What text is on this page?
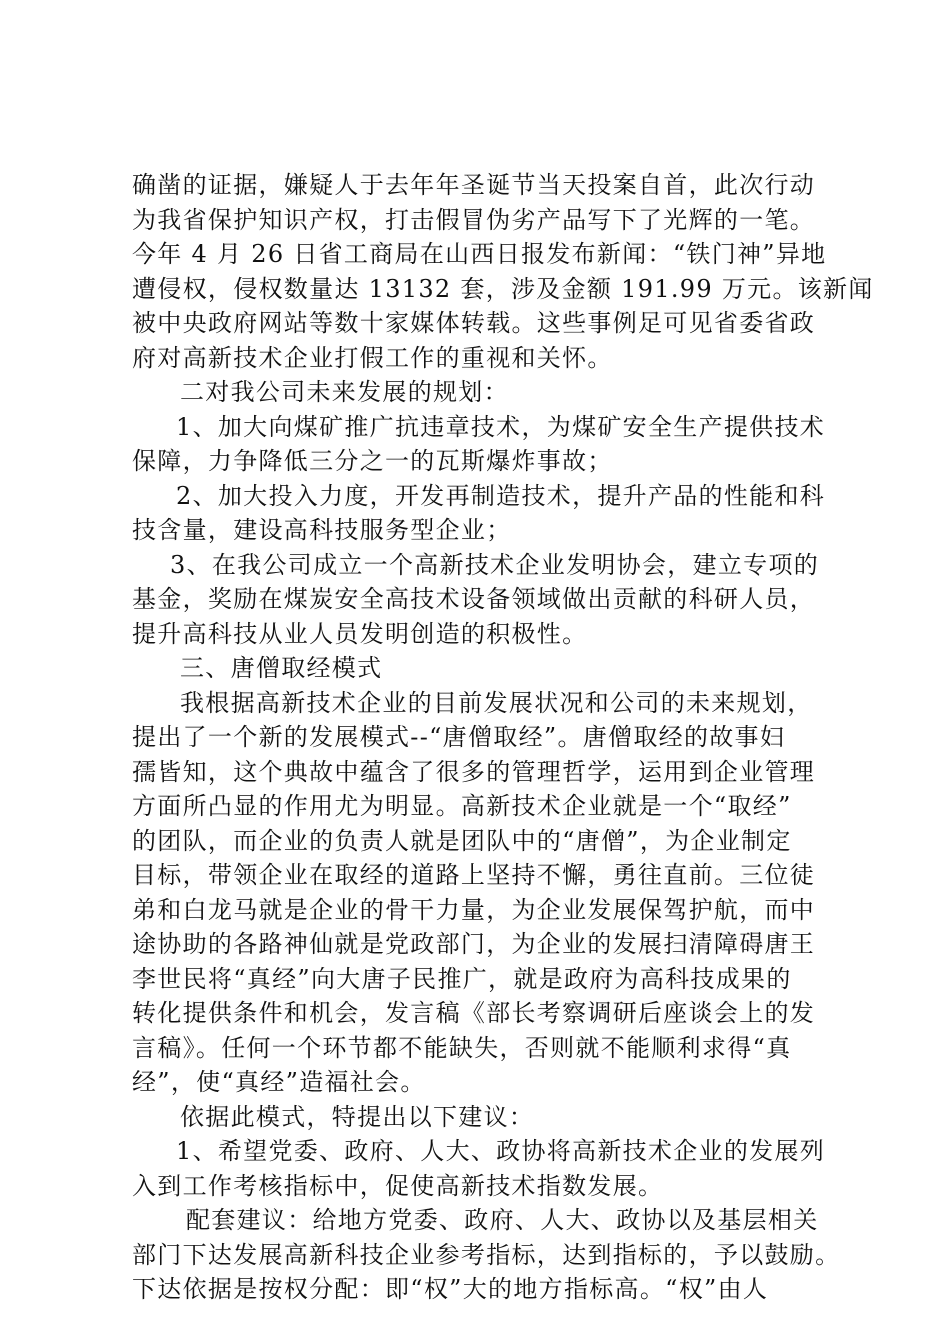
确凿的证据，嫌疑人于去年年圣诞节当天投案自首，此次行动
为我省保护知识产权，打击假冒伪劣产品写下了光辉的一笔。
今年 4 月 26 日省工商局在山西日报发布新闻：“铁门神”异地
遭侵权，侵权数量达 13132 套，涉及金额 191.99 万元。该新闻
被中央政府网站等数十家媒体转载。这些事例足可见省委省政
府对高新技术企业打假工作的重视和关怀。
二对我公司未来发展的规划：
1、加大向煤矿推广抗违章技术，为煤矿安全生产提供技术
保障，力争降低三分之一的瓦斯爆炸事故；
2、加大投入力度，开发再制造技术，提升产品的性能和科
技含量，建设高科技服务型企业；
3、在我公司成立一个高新技术企业发明协会，建立专项的
基金，奖励在煤炭安全高技术设备领域做出贡献的科研人员，
提升高科技从业人员发明创造的积极性。
三、唐僧取经模式
我根据高新技术企业的目前发展状况和公司的未来规划，
提出了一个新的发展模式--“唐僧取经”。唐僧取经的故事妇
孺皆知，这个典故中蕴含了很多的管理哲学，运用到企业管理
方面所凸显的作用尤为明显。高新技术企业就是一个“取经”
的团队，而企业的负责人就是团队中的“唐僧”，为企业制定
目标，带领企业在取经的道路上坚持不懈，勇往直前。三位徒
弟和白龙马就是企业的骨干力量，为企业发展保驾护航，而中
途协助的各路神仙就是党政部门，为企业的发展扫清障碍唐王
李世民将“真经”向大唐子民推广，就是政府为高科技成果的
转化提供条件和机会，发言稿《部长考察调研后座谈会上的发
言稿》。任何一个环节都不能缺失，否则就不能顺利求得“真
经”，使“真经”造福社会。
依据此模式，特提出以下建议：
1、希望党委、政府、人大、政协将高新技术企业的发展列
入到工作考核指标中，促使高新技术指数发展。
配套建议：给地方党委、政府、人大、政协以及基层相关
部门下达发展高新科技企业参考指标，达到指标的，予以鼓励。
下达依据是按权分配：即“权”大的地方指标高。“权”由人
